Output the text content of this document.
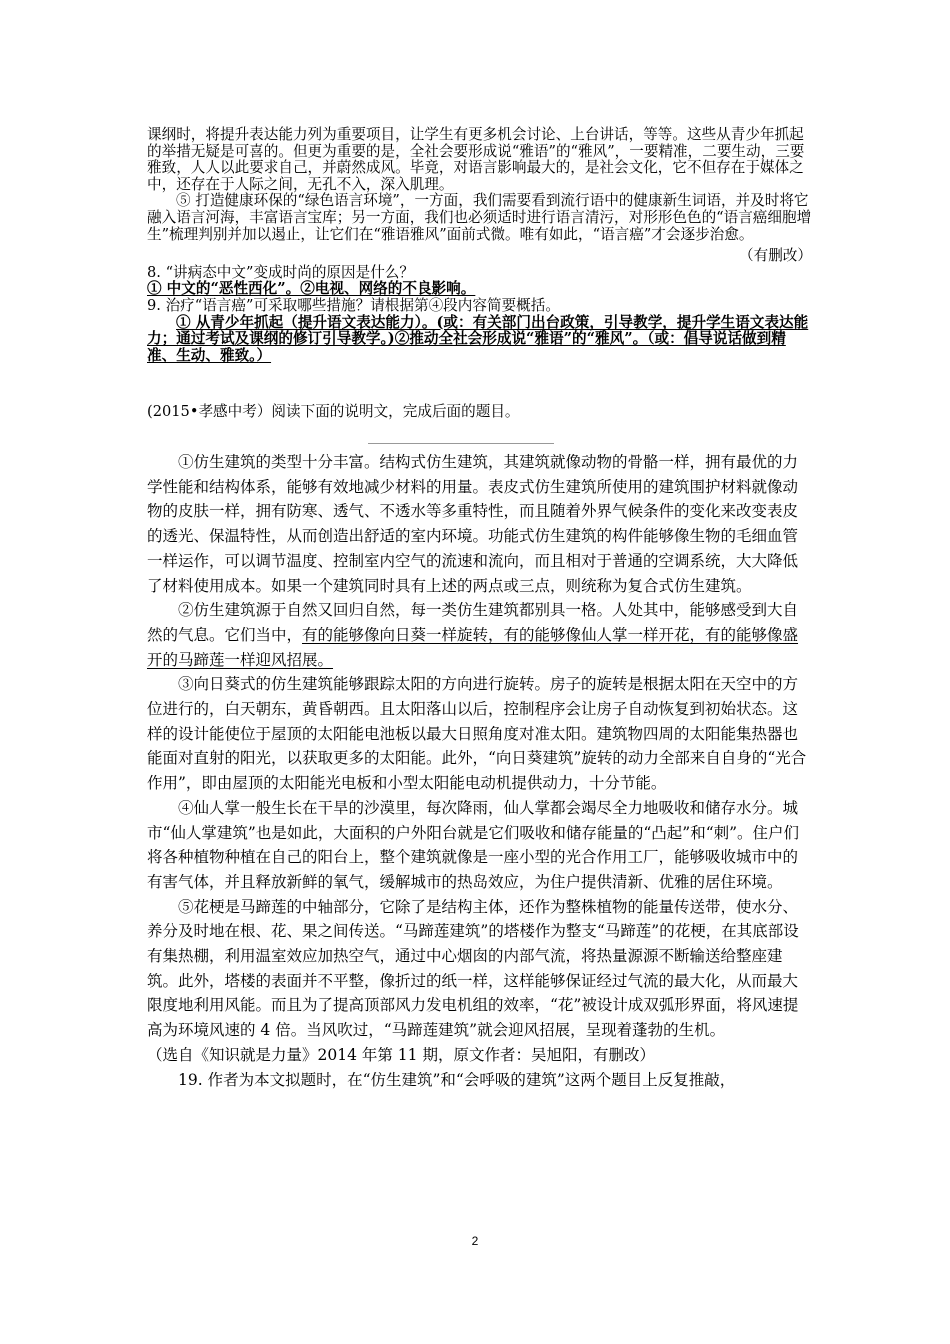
课纲时，将提升表达能力列为重要项目，让学生有更多机会讨论、上台讲话，等等。这些从青少年抓起的举措无疑是可喜的。但更为重要的是，全社会要形成说“雅语”的“雅风”，一要精准，二要生动，三要雅致，人人以此要求自己，并蔚然成风。毕竟，对语言影响最大的，是社会文化，它不但存在于媒体之中，还存在于人际之间，无孔不入，深入肌理。

⑤ 打造健康环保的“绿色语言环境”，一方面，我们需要看到流行语中的健康新生词语，并及时将它融入语言河海，丰富语言宝库；另一方面，我们也必须适时进行语言清污，对形形色色的“语言癌细胞增生”梳理判别并加以遏止，让它们在“雅语雅风”面前式微。唯有如此，“语言癌”才会逐步治愈。

（有删改）

8. “讲病态中文”变成时尚的原因是什么？

① 中文的“恶性西化”。②电视、网络的不良影响。

9. 治疗“语言癌”可采取哪些措施？请根据第④段内容简要概括。

① 从青少年抓起（提升语文表达能力）。(或：有关部门出台政策，引导教学，提升学生语文表达能力；通过考试及课纲的修订引导教学。)②推动全社会形成说“雅语”的“雅风”。（或：倡导说话做到精准、生动、雅致。）

(2015•孝感中考）阅读下面的说明文，完成后面的题目。

①仿生建筑的类型十分丰富。结构式仿生建筑，其建筑就像动物的骨骼一样，拥有最优的力学性能和结构体系，能够有效地减少材料的用量。表皮式仿生建筑所使用的建筑围护材料就像动物的皮肤一样，拥有防寒、透气、不透水等多重特性，而且随着外界气候条件的变化来改变表皮的透光、保温特性，从而创造出舒适的室内环境。功能式仿生建筑的构件能够像生物的毛细血管一样运作，可以调节温度、控制室内空气的流速和流向，而且相对于普通的空调系统，大大降低了材料使用成本。如果一个建筑同时具有上述的两点或三点，则统称为复合式仿生建筑。

②仿生建筑源于自然又回归自然，每一类仿生建筑都别具一格。人处其中，能够感受到大自然的气息。它们当中，有的能够像向日葵一样旋转，有的能够像仙人掌一样开花，有的能够像盛开的马蹄莲一样迎风招展。

③向日葵式的仿生建筑能够跟踪太阳的方向进行旋转。房子的旋转是根据太阳在天空中的方位进行的，白天朝东，黄昏朝西。且太阳落山以后，控制程序会让房子自动恢复到初始状态。这样的设计能使位于屋顶的太阳能电池板以最大日照角度对准太阳。建筑物四周的太阳能集热器也能面对直射的阳光，以获取更多的太阳能。此外，“向日葵建筑”旋转的动力全部来自自身的“光合作用”，即由屋顶的太阳能光电板和小型太阳能电动机提供动力，十分节能。

④仙人掌一般生长在干旱的沙漠里，每次降雨，仙人掌都会竭尽全力地吸收和储存水分。城市“仙人掌建筑”也是如此，大面积的户外阳台就是它们吸收和储存能量的“凸起”和“刺”。住户们将各种植物种植在自己的阳台上，整个建筑就像是一座小型的光合作用工厂，能够吸收城市中的有害气体，并且释放新鲜的氧气，缓解城市的热岛效应，为住户提供清新、优雅的居住环境。

⑤花梗是马蹄莲的中轴部分，它除了是结构主体，还作为整株植物的能量传送带，使水分、养分及时地在根、花、果之间传送。“马蹄莲建筑”的塔楼作为整支“马蹄莲”的花梗，在其底部设有集热棚，利用温室效应加热空气，通过中心烟囱的内部气流，将热量源源不断输送给整座建筑。此外，塔楼的表面并不平整，像折过的纸一样，这样能够保证经过气流的最大化，从而最大限度地利用风能。而且为了提高顶部风力发电机组的效率，“花”被设计成双弧形界面，将风速提高为环境风速的 4 倍。当风吹过，“马蹄莲建筑”就会迎风招展，呈现着蓬勃的生机。

（选自《知识就是力量》2014 年第 11 期，原文作者：吴旭阳，有删改）

19. 作者为本文拟题时，在“仿生建筑”和“会呼吸的建筑”这两个题目上反复推敲，

2
